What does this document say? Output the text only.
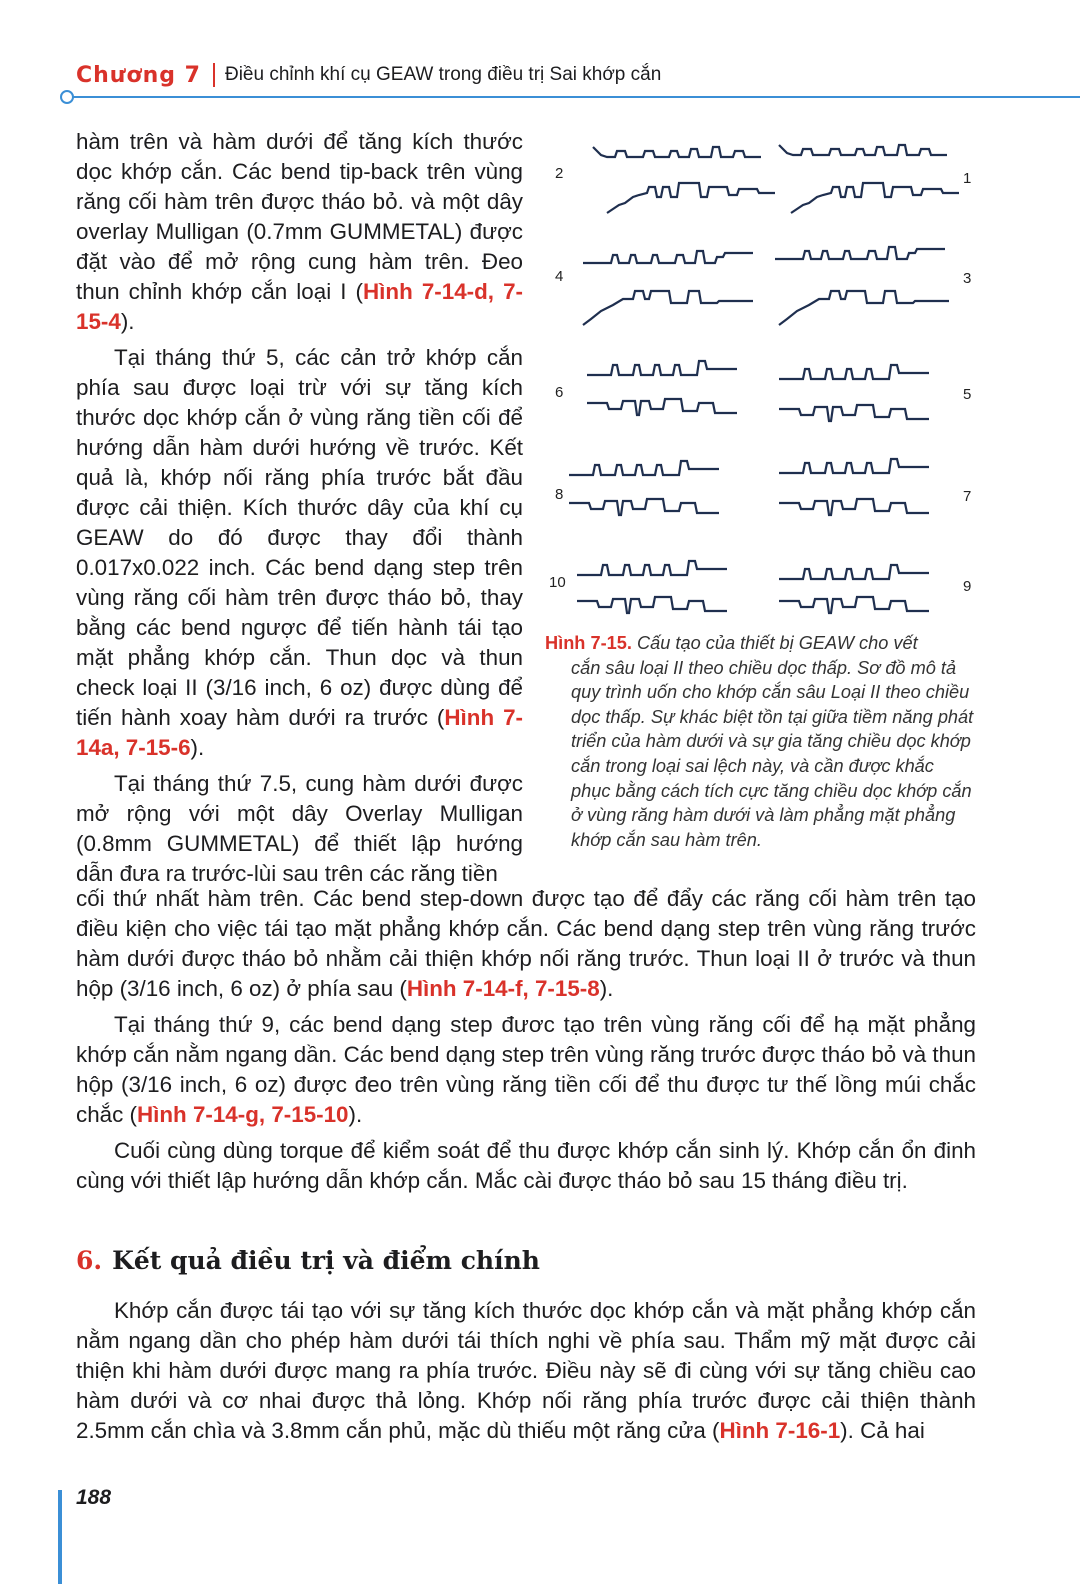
Chương 7 Điều chỉnh khí cụ GEAW trong điều trị Sai khớp cắn

hàm trên và hàm dưới để tăng kích thước dọc khớp cắn. Các bend tip-back trên vùng răng cối hàm trên được tháo bỏ. và một dây overlay Mulligan (0.7mm GUMMETAL) được đặt vào để mở rộng cung hàm trên. Đeo thun chỉnh khớp cắn loại I (Hình 7-14-d, 7-15-4).

Tại tháng thứ 5, các cản trở khớp cắn phía sau được loại trừ với sự tăng kích thước dọc khớp cắn ở vùng răng tiền cối để hướng dẫn hàm dưới hướng về trước. Kết quả là, khớp nối răng phía trước bắt đầu được cải thiện. Kích thước dây của khí cụ GEAW do đó được thay đổi thành 0.017x0.022 inch. Các bend dạng step trên vùng răng cối hàm trên được tháo bỏ, thay bằng các bend ngược để tiến hành tái tạo mặt phẳng khớp cắn. Thun dọc và thun check loại II (3/16 inch, 6 oz) được dùng để tiến hành xoay hàm dưới ra trước (Hình 7-14a, 7-15-6).

Tại tháng thứ 7.5, cung hàm dưới được mở rộng với một dây Overlay Mulligan (0.8mm GUMMETAL) để thiết lập hướng dẫn đưa ra trước-lùi sau trên các răng tiền

2	1
4	3
6	5
8	7
10	9
Hình 7-15. Cấu tạo của thiết bị GEAW cho vết
cắn sâu loại II theo chiều dọc thấp. Sơ đồ mô tả quy trình uốn cho khớp cắn sâu Loại II theo chiều dọc thấp. Sự khác biệt tồn tại giữa tiềm năng phát triển của hàm dưới và sự gia tăng chiều dọc khớp cắn trong loại sai lệch này, và cần được khắc phục bằng cách tích cực tăng chiều dọc khớp cắn ở vùng răng hàm dưới và làm phẳng mặt phẳng khớp cắn sau hàm trên.

cối thứ nhất hàm trên. Các bend step-down được tạo để đẩy các răng cối hàm trên tạo điều kiện cho việc tái tạo mặt phẳng khớp cắn. Các bend dạng step trên vùng răng trước hàm dưới được tháo bỏ nhằm cải thiện khớp nối răng trước. Thun loại II ở trước và thun hộp (3/16 inch, 6 oz) ở phía sau (Hình 7-14-f, 7-15-8).

Tại tháng thứ 9, các bend dạng step đươc tạo trên vùng răng cối để hạ mặt phẳng khớp cắn nằm ngang dần. Các bend dạng step trên vùng răng trước được tháo bỏ và thun hộp (3/16 inch, 6 oz) được đeo trên vùng răng tiền cối để thu được tư thế lồng múi chắc chắc (Hình 7-14-g, 7-15-10).

Cuối cùng dùng torque để kiểm soát để thu được khớp cắn sinh lý. Khớp cắn ổn đinh cùng với thiết lập hướng dẫn khớp cắn. Mắc cài được tháo bỏ sau 15 tháng điều trị.

6. Kết quả điều trị và điểm chính

Khớp cắn được tái tạo với sự tăng kích thước dọc khớp cắn và mặt phẳng khớp cắn nằm ngang dần cho phép hàm dưới tái thích nghi về phía sau. Thẩm mỹ mặt được cải thiện khi hàm dưới được mang ra phía trước. Điều này sẽ đi cùng với sự tăng chiều cao hàm dưới và cơ nhai được thả lỏng. Khớp nối răng phía trước được cải thiện thành 2.5mm cắn chìa và 3.8mm cắn phủ, mặc dù thiếu một răng cửa (Hình 7-16-1). Cả hai

188
